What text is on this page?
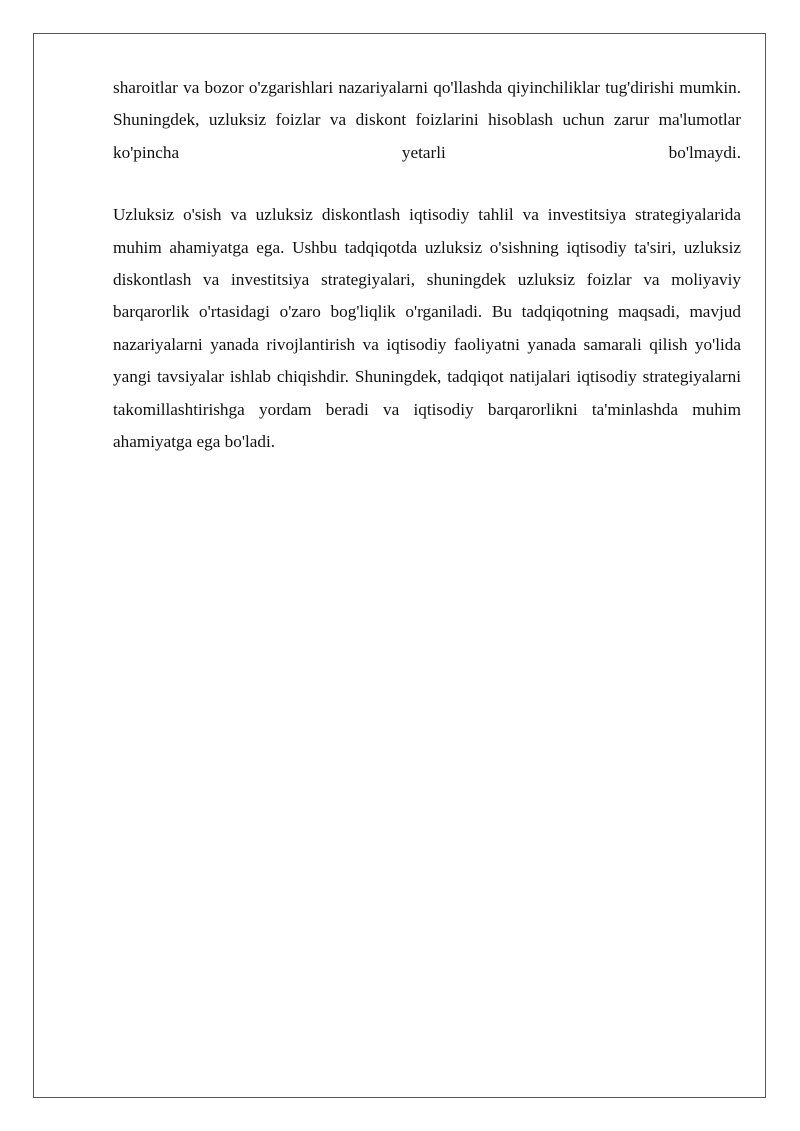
sharoitlar va bozor o'zgarishlari nazariyalarni qo'llashda qiyinchiliklar tug'dirishi mumkin. Shuningdek, uzluksiz foizlar va diskont foizlarini hisoblash uchun zarur ma'lumotlar ko'pincha yetarli bo'lmaydi.

Uzluksiz o'sish va uzluksiz diskontlash iqtisodiy tahlil va investitsiya strategiyalarida muhim ahamiyatga ega. Ushbu tadqiqotda uzluksiz o'sishning iqtisodiy ta'siri, uzluksiz diskontlash va investitsiya strategiyalari, shuningdek uzluksiz foizlar va moliyaviy barqarorlik o'rtasidagi o'zaro bog'liqlik o'rganiladi. Bu tadqiqotning maqsadi, mavjud nazariyalarni yanada rivojlantirish va iqtisodiy faoliyatni yanada samarali qilish yo'lida yangi tavsiyalar ishlab chiqishdir. Shuningdek, tadqiqot natijalari iqtisodiy strategiyalarni takomillashtirishga yordam beradi va iqtisodiy barqarorlikni ta'minlashda muhim ahamiyatga ega bo'ladi.
